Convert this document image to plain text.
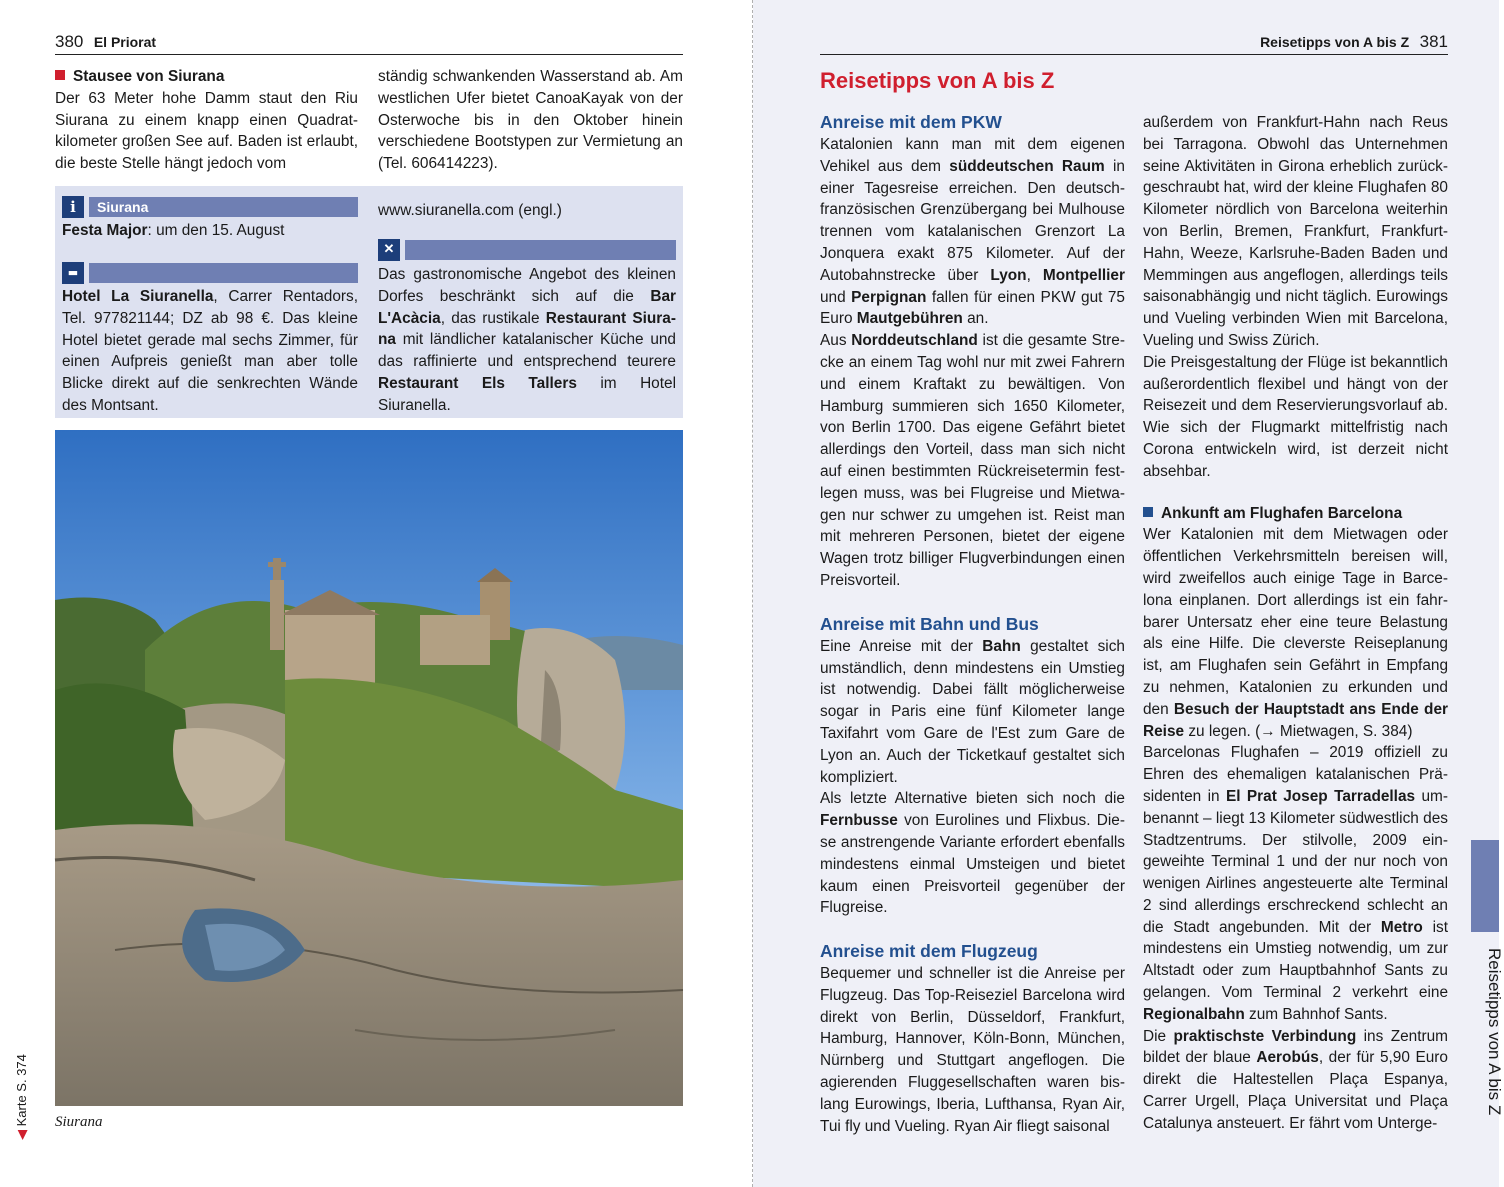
380 El Priorat

Stausee von Siurana

Der 63 Meter hohe Damm staut den Riu Siurana zu einem knapp einen Quadratkilometer großen See auf. Baden ist erlaubt, die beste Stelle hängt jedoch vom

ständig schwankenden Wasserstand ab. Am westlichen Ufer bietet CanoaKayak von der Osterwoche bis in den Oktober hinein verschiedene Bootstypen zur Vermietung an (Tel. 606414223).

i	Siurana

Festa Major: um den 15. August

▬

Hotel La Siuranella, Carrer Rentadors, Tel. 977821144; DZ ab 98 €. Das kleine Hotel bietet gerade mal sechs Zimmer, für einen Aufpreis genießt man aber tolle Blicke direkt auf die senkrechten Wände des Montsant.

www.siuranella.com (engl.)

✕

Das gastronomische Angebot des kleinen Dorfes beschränkt sich auf die Bar L'Acàcia, das rustikale Restaurant Siurana mit ländlicher katalanischer Küche und das raffinierte und entsprechend teurere Restaurant Els Tallers im Hotel Siuranella.

Siurana
◀ Karte S. 374
Reisetipps von A bis Z 381
Reisetipps von A bis Z

Anreise mit dem PKW

Katalonien kann man mit dem eigenen Vehikel aus dem süddeutschen Raum in einer Tagesreise erreichen. Den deutsch-französischen Grenzübergang bei Mulhouse trennen vom katalanischen Grenzort La Jonquera exakt 875 Kilometer. Auf der Autobahnstrecke über Lyon, Montpellier und Perpignan fallen für einen PKW gut 75 Euro Mautgebühren an.

Aus Norddeutschland ist die gesamte Strecke an einem Tag wohl nur mit zwei Fahrern und einem Kraftakt zu bewältigen. Von Hamburg summieren sich 1650 Kilometer, von Berlin 1700. Das eigene Gefährt bietet allerdings den Vorteil, dass man sich nicht auf einen bestimmten Rückreisetermin festlegen muss, was bei Flugreise und Mietwagen nur schwer zu umgehen ist. Reist man mit mehreren Personen, bietet der eigene Wagen trotz billiger Flugverbindungen einen Preisvorteil.

Anreise mit Bahn und Bus

Eine Anreise mit der Bahn gestaltet sich umständlich, denn mindestens ein Umstieg ist notwendig. Dabei fällt möglicherweise sogar in Paris eine fünf Kilometer lange Taxifahrt vom Gare de l'Est zum Gare de Lyon an. Auch der Ticketkauf gestaltet sich kompliziert.

Als letzte Alternative bieten sich noch die Fernbusse von Eurolines und Flixbus. Diese anstrengende Variante erfordert ebenfalls mindestens einmal Umsteigen und bietet kaum einen Preisvorteil gegenüber der Flugreise.

Anreise mit dem Flugzeug

Bequemer und schneller ist die Anreise per Flugzeug. Das Top-Reiseziel Barcelona wird direkt von Berlin, Düsseldorf, Frankfurt, Hamburg, Hannover, Köln-Bonn, München, Nürnberg und Stuttgart angeflogen. Die agierenden Fluggesellschaften waren bislang Eurowings, Iberia, Lufthansa, Ryan Air, Tui fly und Vueling. Ryan Air fliegt saisonal

außerdem von Frankfurt-Hahn nach Reus bei Tarragona. Obwohl das Unternehmen seine Aktivitäten in Girona erheblich zurückgeschraubt hat, wird der kleine Flughafen 80 Kilometer nördlich von Barcelona weiterhin von Berlin, Bremen, Frankfurt, Frankfurt-Hahn, Weeze, Karlsruhe-Baden Baden und Memmingen aus angeflogen, allerdings teils saisonabhängig und nicht täglich. Eurowings und Vueling verbinden Wien mit Barcelona, Vueling und Swiss Zürich.

Die Preisgestaltung der Flüge ist bekanntlich außerordentlich flexibel und hängt von der Reisezeit und dem Reservierungsvorlauf ab. Wie sich der Flugmarkt mittelfristig nach Corona entwickeln wird, ist derzeit nicht absehbar.

Ankunft am Flughafen Barcelona

Wer Katalonien mit dem Mietwagen oder öffentlichen Verkehrsmitteln bereisen will, wird zweifellos auch einige Tage in Barcelona einplanen. Dort allerdings ist ein fahrbarer Untersatz eher eine teure Belastung als eine Hilfe. Die cleverste Reiseplanung ist, am Flughafen sein Gefährt in Empfang zu nehmen, Katalonien zu erkunden und den Besuch der Hauptstadt ans Ende der Reise zu legen. (→ Mietwagen, S. 384)

Barcelonas Flughafen – 2019 offiziell zu Ehren des ehemaligen katalanischen Präsidenten in El Prat Josep Tarradellas umbenannt – liegt 13 Kilometer südwestlich des Stadtzentrums. Der stilvolle, 2009 eingeweihte Terminal 1 und der nur noch von wenigen Airlines angesteuerte alte Terminal 2 sind allerdings erschreckend schlecht an die Stadt angebunden. Mit der Metro ist mindestens ein Umstieg notwendig, um zur Altstadt oder zum Hauptbahnhof Sants zu gelangen. Vom Terminal 2 verkehrt eine Regionalbahn zum Bahnhof Sants.

Die praktischste Verbindung ins Zentrum bildet der blaue Aerobús, der für 5,90 Euro direkt die Haltestellen Plaça Espanya, Carrer Urgell, Plaça Universitat und Plaça Catalunya ansteuert. Er fährt vom Unterge-

Reisetipps von A bis Z
